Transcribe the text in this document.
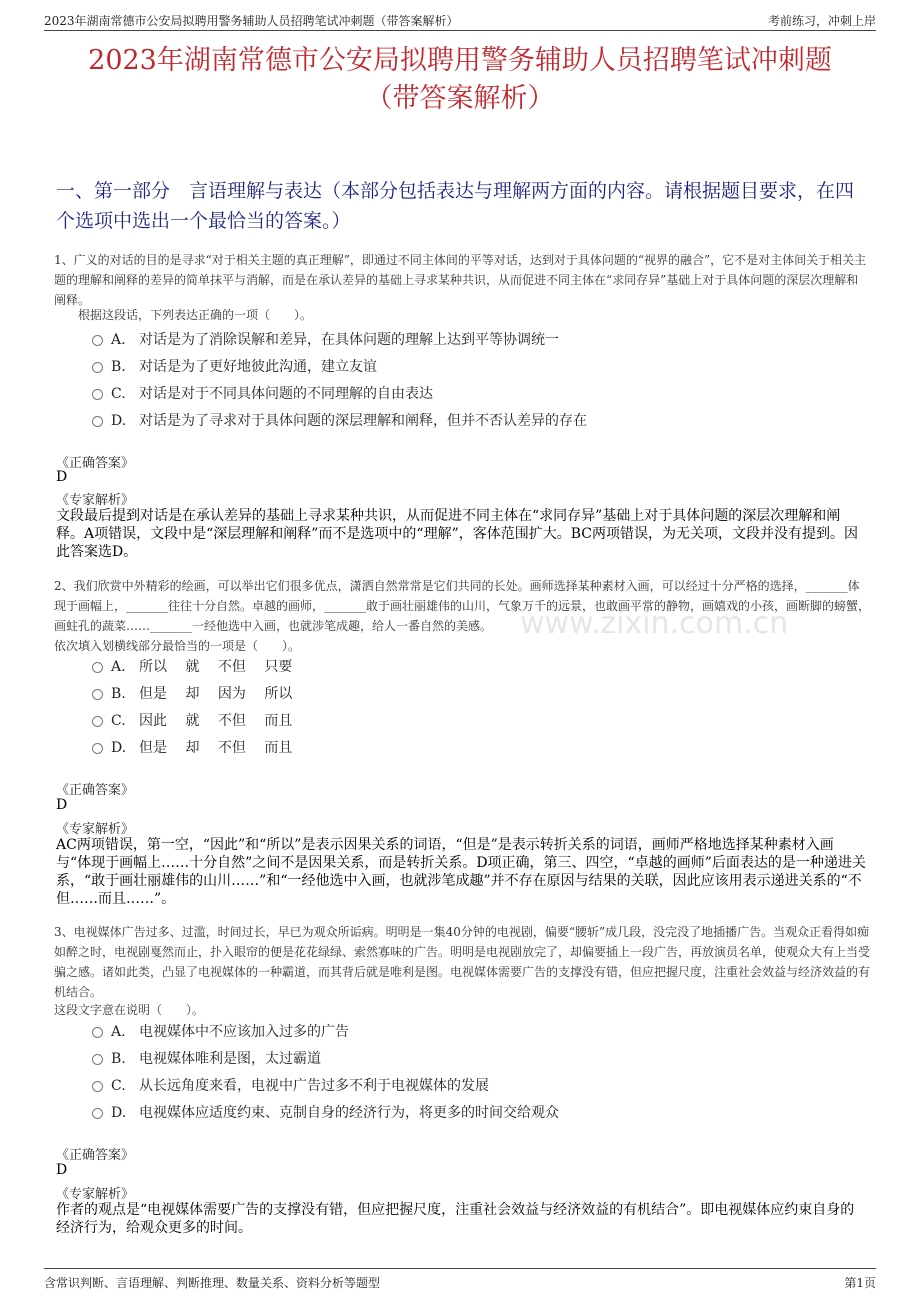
2023年湖南常德市公安局拟聘用警务辅助人员招聘笔试冲刺题（带答案解析）	考前练习，冲刺上岸
2023年湖南常德市公安局拟聘用警务辅助人员招聘笔试冲刺题
（带答案解析）
一、第一部分　言语理解与表达（本部分包括表达与理解两方面的内容。请根据题目要求，在四个选项中选出一个最恰当的答案。）
www.zixin.com.cn
1、广义的对话的目的是寻求“对于相关主题的真正理解”，即通过不同主体间的平等对话，达到对于具体问题的“视界的融合”，它不是对主体间关于相关主题的理解和阐释的差异的简单抹平与消解，而是在承认差异的基础上寻求某种共识，从而促进不同主体在“求同存异”基础上对于具体问题的深层次理解和阐释。
根据这段话，下列表达正确的一项（　　）。
A. 对话是为了消除误解和差异，在具体问题的理解上达到平等协调统一
B. 对话是为了更好地彼此沟通，建立友谊
C. 对话是对于不同具体问题的不同理解的自由表达
D. 对话是为了寻求对于具体问题的深层理解和阐释，但并不否认差异的存在
《正确答案》
D
《专家解析》
文段最后提到对话是在承认差异的基础上寻求某种共识，从而促进不同主体在“求同存异”基础上对于具体问题的深层次理解和阐释。A项错误，文段中是“深层理解和阐释”而不是选项中的“理解”，客体范围扩大。BC两项错误，为无关项，文段并没有提到。因此答案选D。
2、我们欣赏中外精彩的绘画，可以举出它们很多优点，潇洒自然常常是它们共同的长处。画师选择某种素材入画，可以经过十分严格的选择，_______体现于画幅上，_______往往十分自然。卓越的画师，_______敢于画壮丽雄伟的山川，气象万千的远景，也敢画平常的静物，画嬉戏的小孩，画断脚的螃蟹，画蛀孔的蔬菜……_______一经他选中入画，也就涉笔成趣，给人一番自然的美感。
依次填入划横线部分最恰当的一项是（　　）。
A. 所以　 就　 不但　 只要
B. 但是　 却　 因为　 所以
C. 因此　 就　 不但　 而且
D. 但是　 却　 不但　 而且
《正确答案》
D
《专家解析》
AC两项错误，第一空，“因此”和“所以”是表示因果关系的词语，“但是”是表示转折关系的词语，画师严格地选择某种素材入画与“体现于画幅上……十分自然”之间不是因果关系，而是转折关系。D项正确，第三、四空，“卓越的画师”后面表达的是一种递进关系，“敢于画壮丽雄伟的山川……”和“一经他选中入画，也就涉笔成趣”并不存在原因与结果的关联，因此应该用表示递进关系的“不但……而且……”。
3、电视媒体广告过多、过滥，时间过长，早已为观众所诟病。明明是一集40分钟的电视剧，偏要“腰斩”成几段，没完没了地插播广告。当观众正看得如痴如醉之时，电视剧戛然而止，扑入眼帘的便是花花绿绿、索然寡味的广告。明明是电视剧放完了，却偏要插上一段广告，再放演员名单，使观众大有上当受骗之感。诸如此类，凸显了电视媒体的一种霸道，而其背后就是唯利是图。电视媒体需要广告的支撑没有错，但应把握尺度，注重社会效益与经济效益的有机结合。
这段文字意在说明（　　）。
A. 电视媒体中不应该加入过多的广告
B. 电视媒体唯利是图，太过霸道
C. 从长远角度来看，电视中广告过多不利于电视媒体的发展
D. 电视媒体应适度约束、克制自身的经济行为，将更多的时间交给观众
《正确答案》
D
《专家解析》
作者的观点是“电视媒体需要广告的支撑没有错，但应把握尺度，注重社会效益与经济效益的有机结合”。即电视媒体应约束自身的经济行为，给观众更多的时间。
含常识判断、言语理解、判断推理、数量关系、资料分析等题型	第1页
